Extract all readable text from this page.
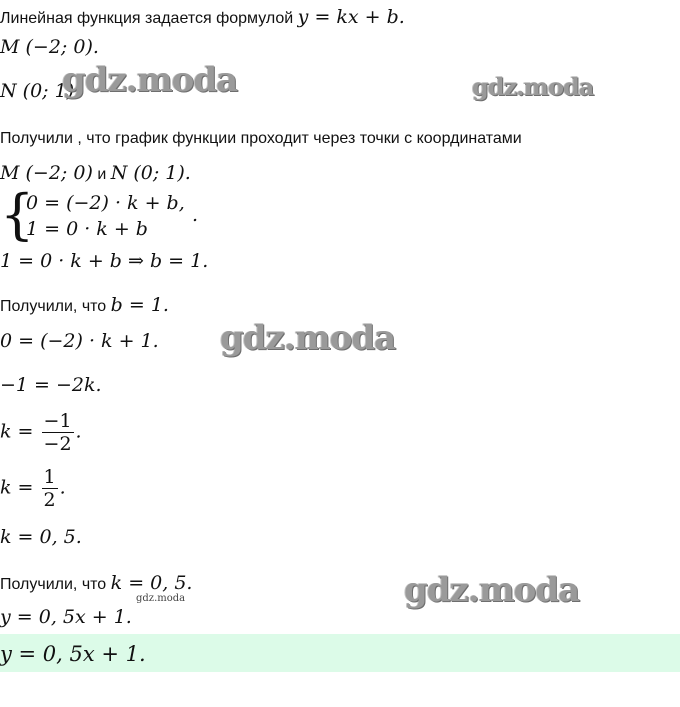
Линейная функция задается формулой y = kx + b.
M (−2; 0).
N (0; 1).
gdz.moda	gdz.moda
Получили , что график функции проходит через точки с координатами
M (−2; 0) и N (0; 1).
{
0 = (−2) · k + b,
1 = 0 · k + b
.
1 = 0 · k + b ⇒ b = 1.
Получили, что b = 1.
0 = (−2) · k + 1. gdz.moda
−1 = −2k.
$k = \frac{-1}{-2}$ .
$k = \frac{1}{2}$ .
k = 0, 5.
Получили, что k = 0, 5.
gdz.moda	gdz.moda
y = 0, 5x + 1.
y = 0, 5x + 1.
